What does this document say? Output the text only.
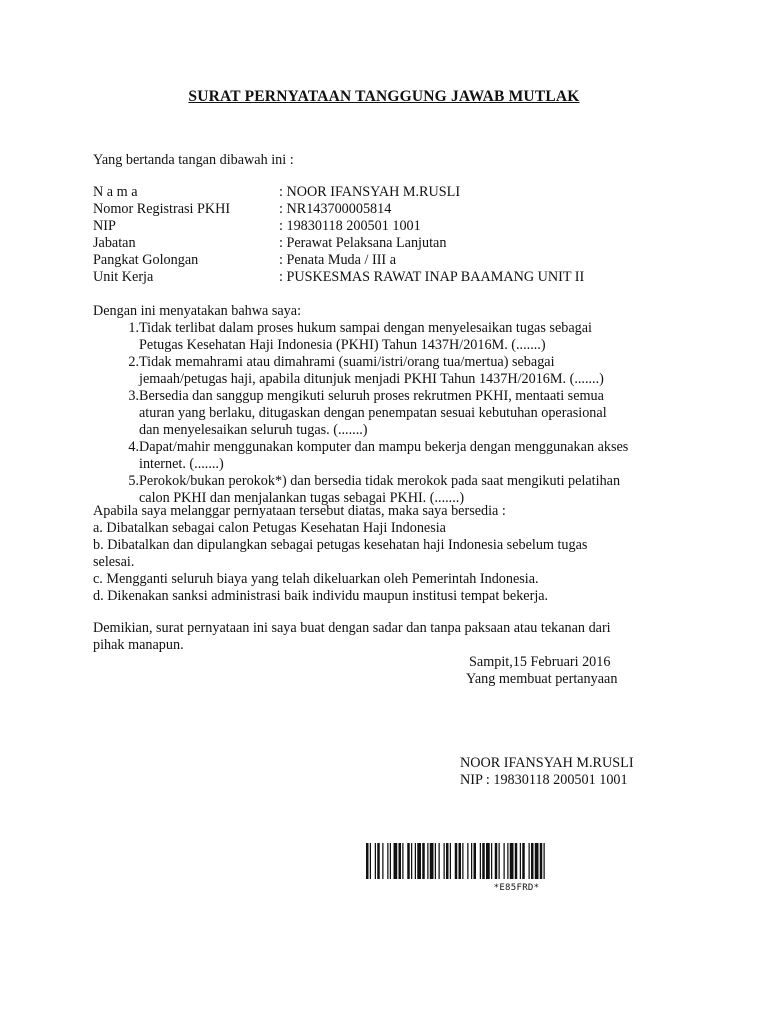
SURAT PERNYATAAN TANGGUNG JAWAB MUTLAK
Yang bertanda tangan dibawah ini :
N a m a	: NOOR IFANSYAH M.RUSLI
Nomor Registrasi PKHI	: NR143700005814
NIP	: 19830118 200501 1001
Jabatan	: Perawat Pelaksana Lanjutan
Pangkat Golongan	: Penata Muda / III a
Unit Kerja	: PUSKESMAS RAWAT INAP BAAMANG UNIT II
Dengan ini menyatakan bahwa saya:
1. Tidak terlibat dalam proses hukum sampai dengan menyelesaikan tugas sebagai
Petugas Kesehatan Haji Indonesia (PKHI) Tahun 1437H/2016M. (.......)
2. Tidak memahrami atau dimahrami (suami/istri/orang tua/mertua) sebagai
jemaah/petugas haji, apabila ditunjuk menjadi PKHI Tahun 1437H/2016M. (.......)
3. Bersedia dan sanggup mengikuti seluruh proses rekrutmen PKHI, mentaati semua
aturan yang berlaku, ditugaskan dengan penempatan sesuai kebutuhan operasional
dan menyelesaikan seluruh tugas. (.......)
4. Dapat/mahir menggunakan komputer dan mampu bekerja dengan menggunakan akses
internet. (.......)
5. Perokok/bukan perokok*) dan bersedia tidak merokok pada saat mengikuti pelatihan
calon PKHI dan menjalankan tugas sebagai PKHI. (.......)
Apabila saya melanggar pernyataan tersebut diatas, maka saya bersedia :
a. Dibatalkan sebagai calon Petugas Kesehatan Haji Indonesia
b. Dibatalkan dan dipulangkan sebagai petugas kesehatan haji Indonesia sebelum tugas
selesai.
c. Mengganti seluruh biaya yang telah dikeluarkan oleh Pemerintah Indonesia.
d. Dikenakan sanksi administrasi baik individu maupun institusi tempat bekerja.
Demikian, surat pernyataan ini saya buat dengan sadar dan tanpa paksaan atau tekanan dari
pihak manapun.
Sampit,15 Februari 2016
Yang membuat pertanyaan
NOOR IFANSYAH M.RUSLI
NIP : 19830118 200501 1001
*E85FRD*
